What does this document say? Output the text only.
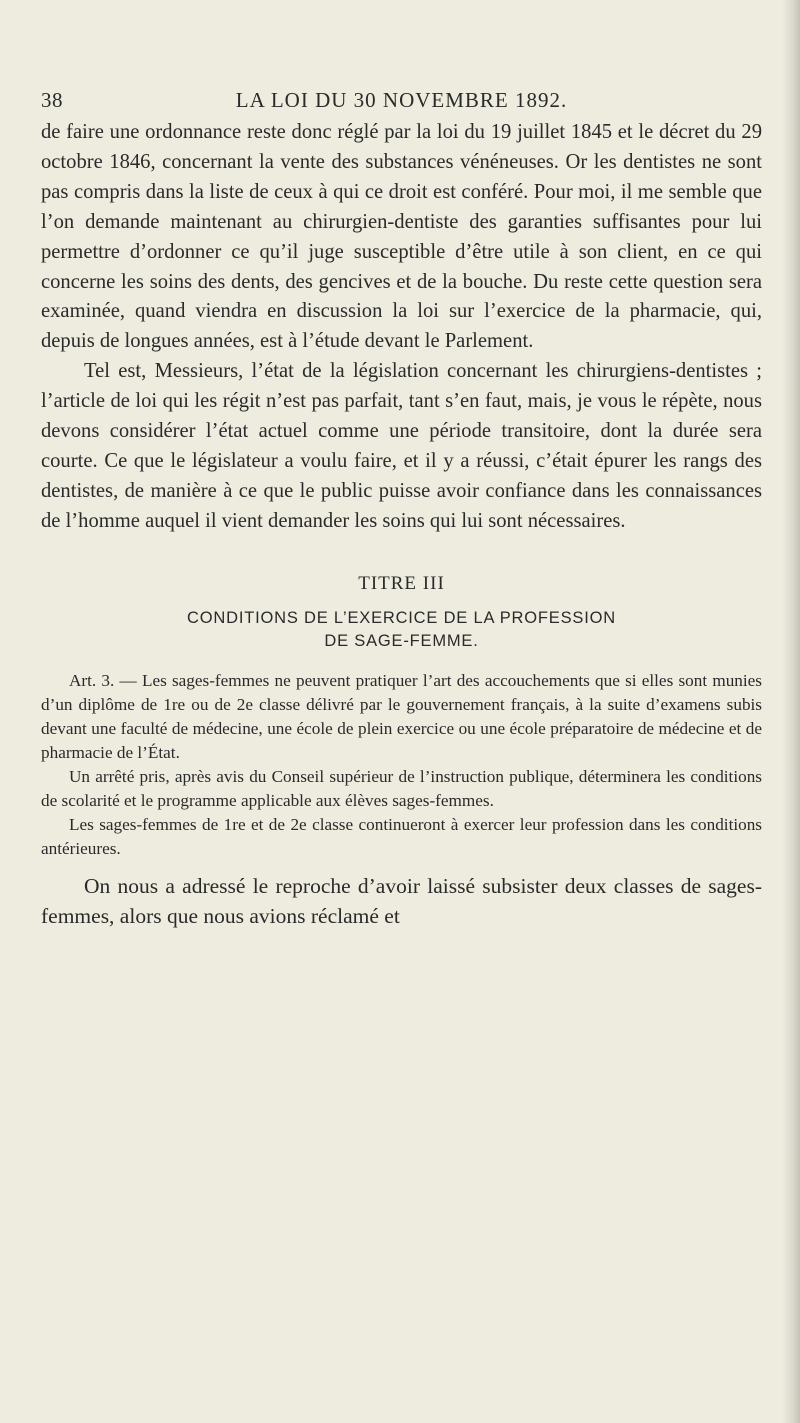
38	LA LOI DU 30 NOVEMBRE 1892.

de faire une ordonnance reste donc réglé par la loi du 19 juillet 1845 et le décret du 29 octobre 1846, concernant la vente des substances vénéneuses. Or les dentistes ne sont pas compris dans la liste de ceux à qui ce droit est conféré. Pour moi, il me semble que l’on demande maintenant au chirurgien-dentiste des garanties suffisantes pour lui permettre d’ordonner ce qu’il juge susceptible d’être utile à son client, en ce qui concerne les soins des dents, des gencives et de la bouche. Du reste cette question sera examinée, quand viendra en discussion la loi sur l’exercice de la pharmacie, qui, depuis de longues années, est à l’étude devant le Parlement.

Tel est, Messieurs, l’état de la législation concernant les chirurgiens-dentistes ; l’article de loi qui les régit n’est pas parfait, tant s’en faut, mais, je vous le répète, nous devons considérer l’état actuel comme une période transitoire, dont la durée sera courte. Ce que le législateur a voulu faire, et il y a réussi, c’était épurer les rangs des dentistes, de manière à ce que le public puisse avoir confiance dans les connaissances de l’homme auquel il vient demander les soins qui lui sont nécessaires.

TITRE III
CONDITIONS DE L’EXERCICE DE LA PROFESSION
DE SAGE-FEMME.

Art. 3. — Les sages-femmes ne peuvent pratiquer l’art des accouchements que si elles sont munies d’un diplôme de 1re ou de 2e classe délivré par le gouvernement français, à la suite d’examens subis devant une faculté de médecine, une école de plein exercice ou une école préparatoire de médecine et de pharmacie de l’État.

Un arrêté pris, après avis du Conseil supérieur de l’instruction publique, déterminera les conditions de scolarité et le programme applicable aux élèves sages-femmes.

Les sages-femmes de 1re et de 2e classe continueront à exercer leur profession dans les conditions antérieures.

On nous a adressé le reproche d’avoir laissé subsister deux classes de sages-femmes, alors que nous avions réclamé et
